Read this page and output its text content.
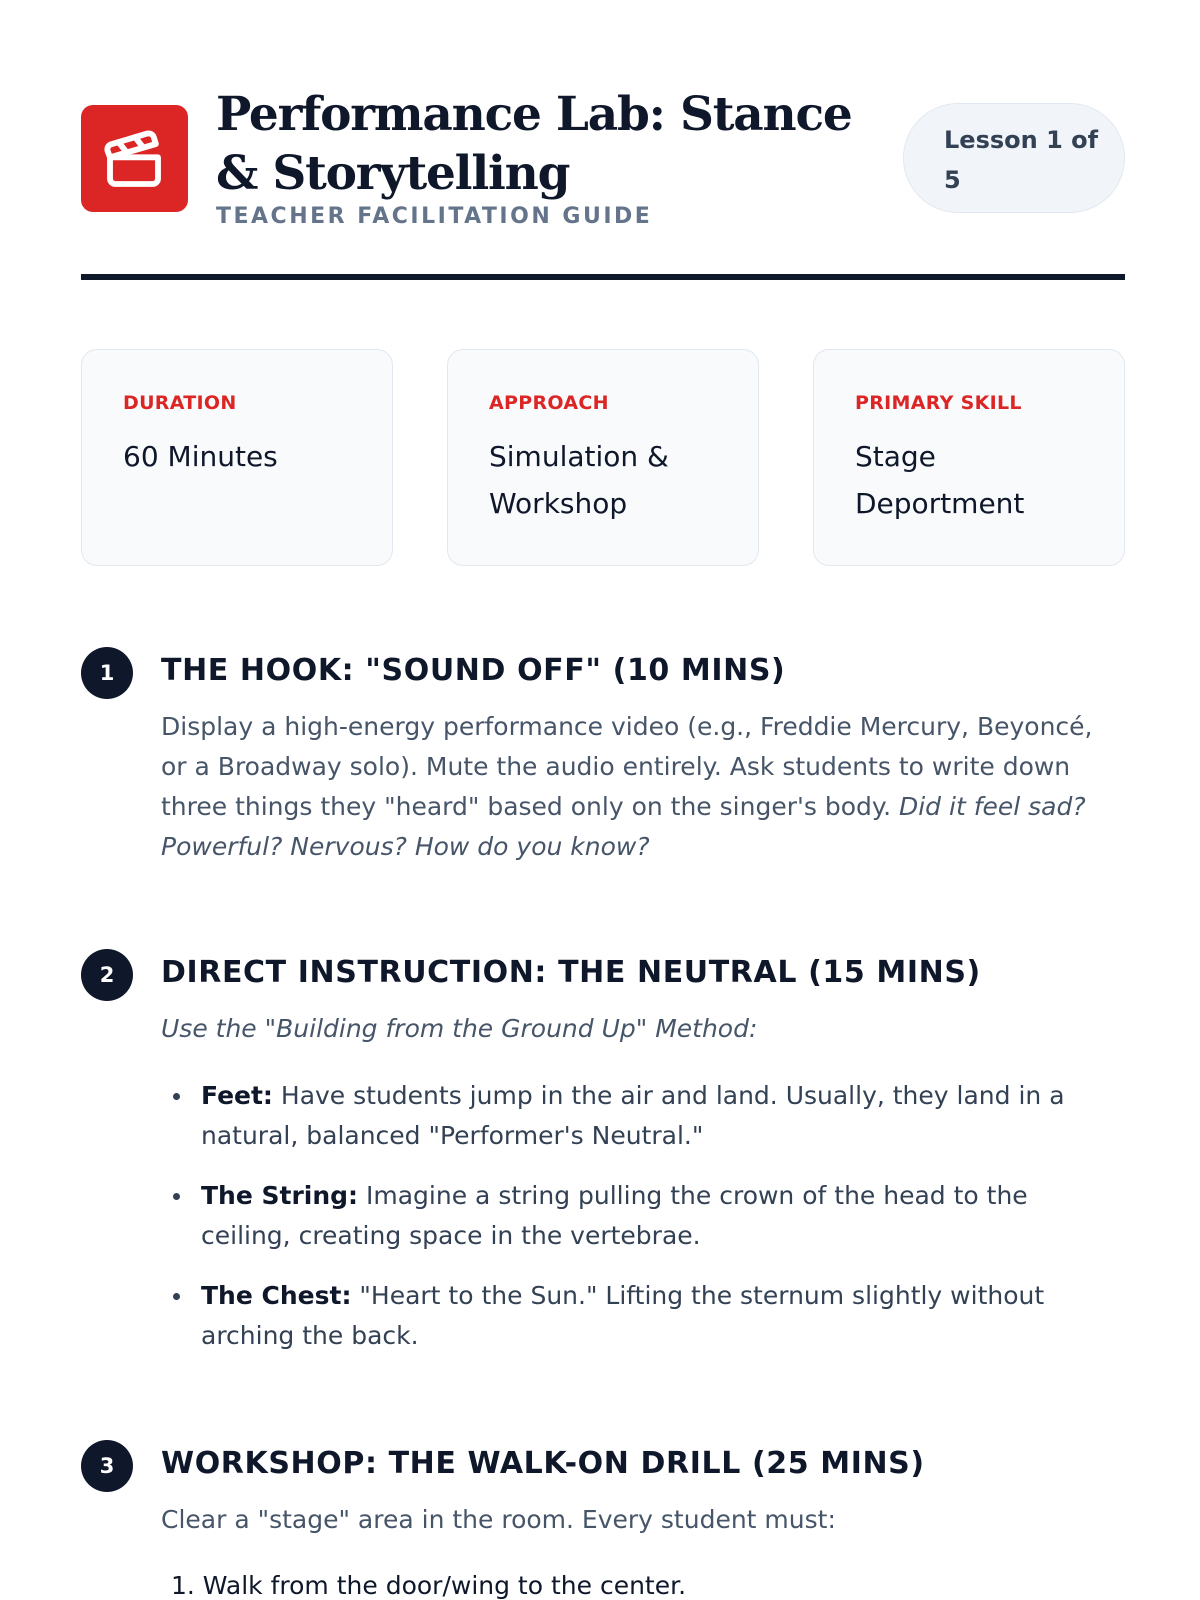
Performance Lab: Stance & Storytelling
TEACHER FACILITATION GUIDE
Lesson 1 of 5
DURATION
60 Minutes
APPROACH
Simulation & Workshop
PRIMARY SKILL
Stage Deportment
1	THE HOOK: "SOUND OFF" (10 MINS)

Display a high-energy performance video (e.g., Freddie Mercury, Beyoncé, or a Broadway solo). Mute the audio entirely. Ask students to write down three things they "heard" based only on the singer's body. Did it feel sad? Powerful? Nervous? How do you know?

2	DIRECT INSTRUCTION: THE NEUTRAL (15 MINS)

Use the "Building from the Ground Up" Method:

Feet: Have students jump in the air and land. Usually, they land in a natural, balanced "Performer's Neutral."
The String: Imagine a string pulling the crown of the head to the ceiling, creating space in the vertebrae.
The Chest: "Heart to the Sun." Lifting the sternum slightly without arching the back.
3	WORKSHOP: THE WALK-ON DRILL (25 MINS)

Clear a "stage" area in the room. Every student must:

1. Walk from the door/wing to the center.
